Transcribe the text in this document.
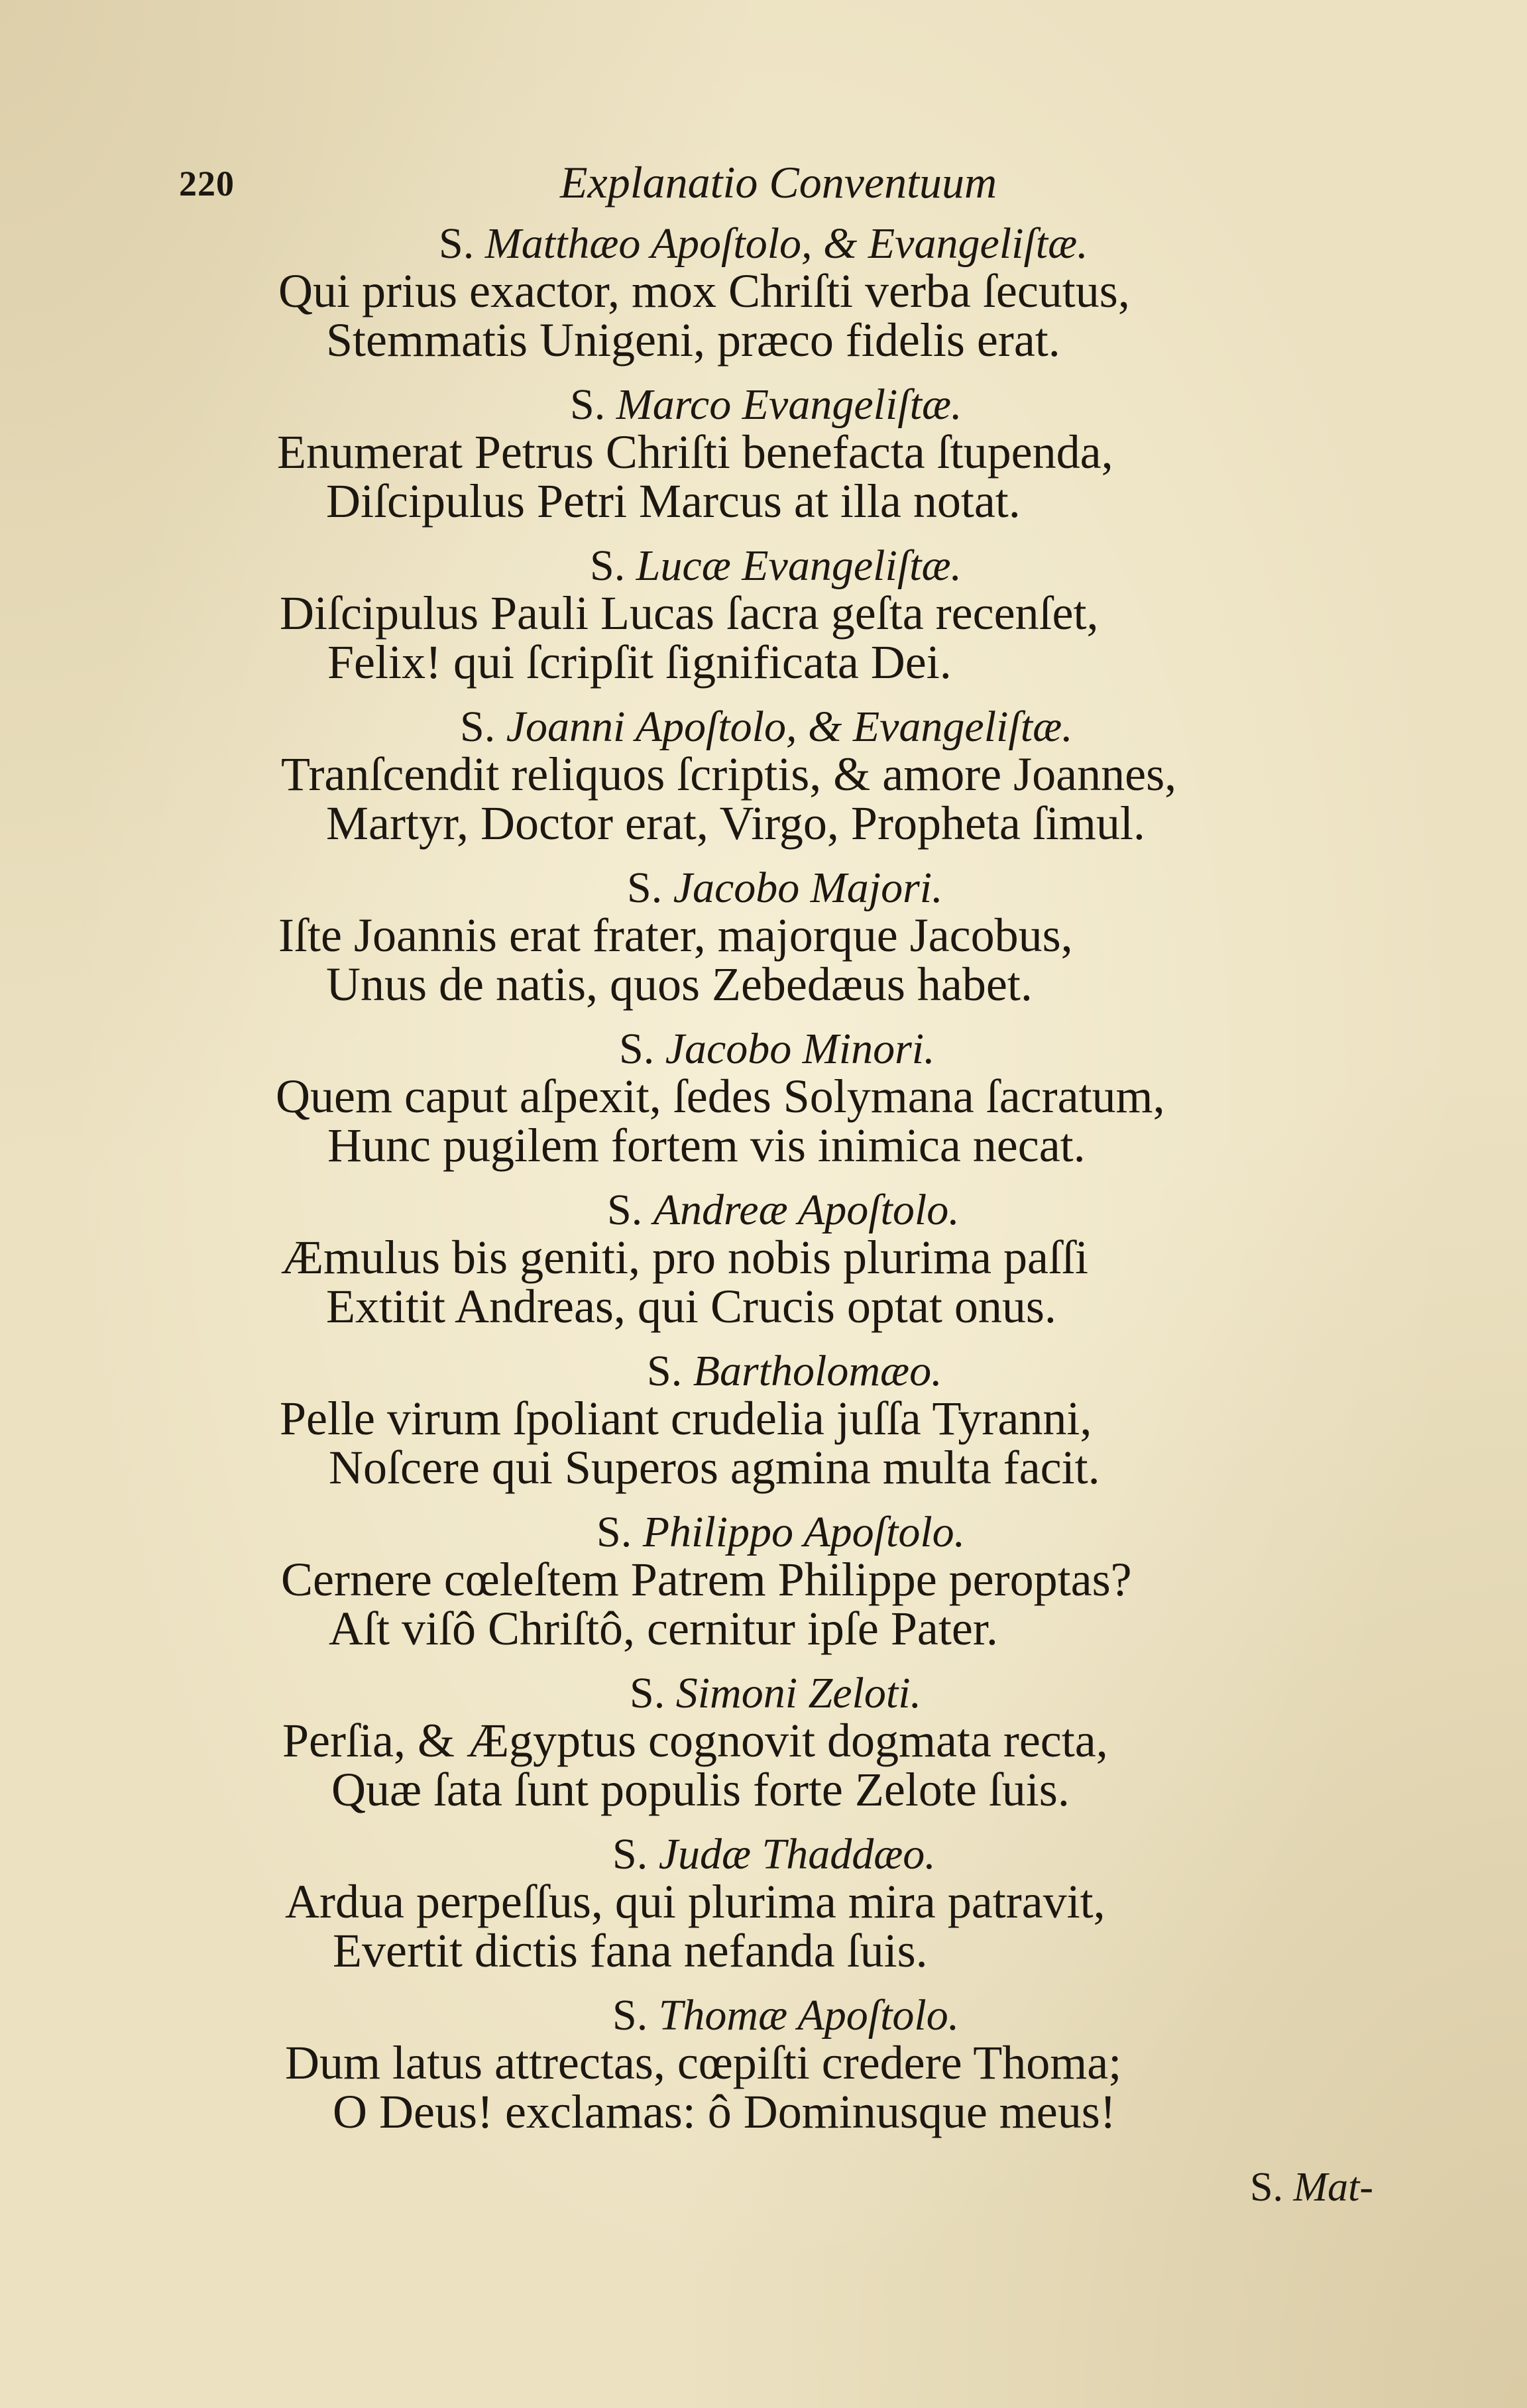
220	Explanatio Conventuum
S. Matthæo Apoſtolo, & Evangeliſtæ.
Qui prius exactor, mox Chriſti verba ſecutus,
Stemmatis Unigeni, præco fidelis erat.
S. Marco Evangeliſtæ.
Enumerat Petrus Chriſti benefacta ſtupenda,
Diſcipulus Petri Marcus at illa notat.
S. Lucæ Evangeliſtæ.
Diſcipulus Pauli Lucas ſacra geſta recenſet,
Felix! qui ſcripſit ſignificata Dei.
S. Joanni Apoſtolo, & Evangeliſtæ.
Tranſcendit reliquos ſcriptis, & amore Joannes,
Martyr, Doctor erat, Virgo, Propheta ſimul.
S. Jacobo Majori.
Iſte Joannis erat frater, majorque Jacobus,
Unus de natis, quos Zebedæus habet.
S. Jacobo Minori.
Quem caput aſpexit, ſedes Solymana ſacratum,
Hunc pugilem fortem vis inimica necat.
S. Andreæ Apoſtolo.
Æmulus bis geniti, pro nobis plurima paſſi
Extitit Andreas, qui Crucis optat onus.
S. Bartholomæo.
Pelle virum ſpoliant crudelia juſſa Tyranni,
Noſcere qui Superos agmina multa facit.
S. Philippo Apoſtolo.
Cernere cœleſtem Patrem Philippe peroptas?
Aſt viſô Chriſtô, cernitur ipſe Pater.
S. Simoni Zeloti.
Perſia, & Ægyptus cognovit dogmata recta,
Quæ ſata ſunt populis forte Zelote ſuis.
S. Judæ Thaddæo.
Ardua perpeſſus, qui plurima mira patravit,
Evertit dictis fana nefanda ſuis.
S. Thomæ Apoſtolo.
Dum latus attrectas, cœpiſti credere Thoma;
O Deus! exclamas: ô Dominusque meus!
S. Mat-
